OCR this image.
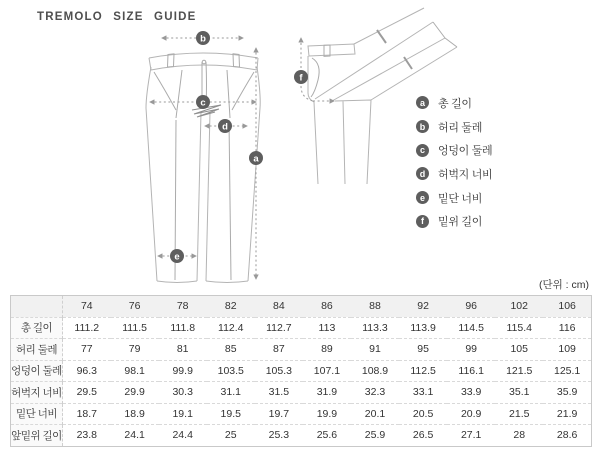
TREMOLO SIZE GUIDE
b
c
d
a
e
f
a	총 길이
b	허리 둘레
c	엉덩이 둘레
d	허벅지 너비
e	밑단 너비
f	밑위 길이
(단위 : cm)
	74	76	78	82	84	86	88	92	96	102	106
총 길이	111.2	111.5	111.8	112.4	112.7	113	113.3	113.9	114.5	115.4	116
허리 둘레	77	79	81	85	87	89	91	95	99	105	109
엉덩이 둘레	96.3	98.1	99.9	103.5	105.3	107.1	108.9	112.5	116.1	121.5	125.1
허벅지 너비	29.5	29.9	30.3	31.1	31.5	31.9	32.3	33.1	33.9	35.1	35.9
밑단 너비	18.7	18.9	19.1	19.5	19.7	19.9	20.1	20.5	20.9	21.5	21.9
앞밑위 길이	23.8	24.1	24.4	25	25.3	25.6	25.9	26.5	27.1	28	28.6
